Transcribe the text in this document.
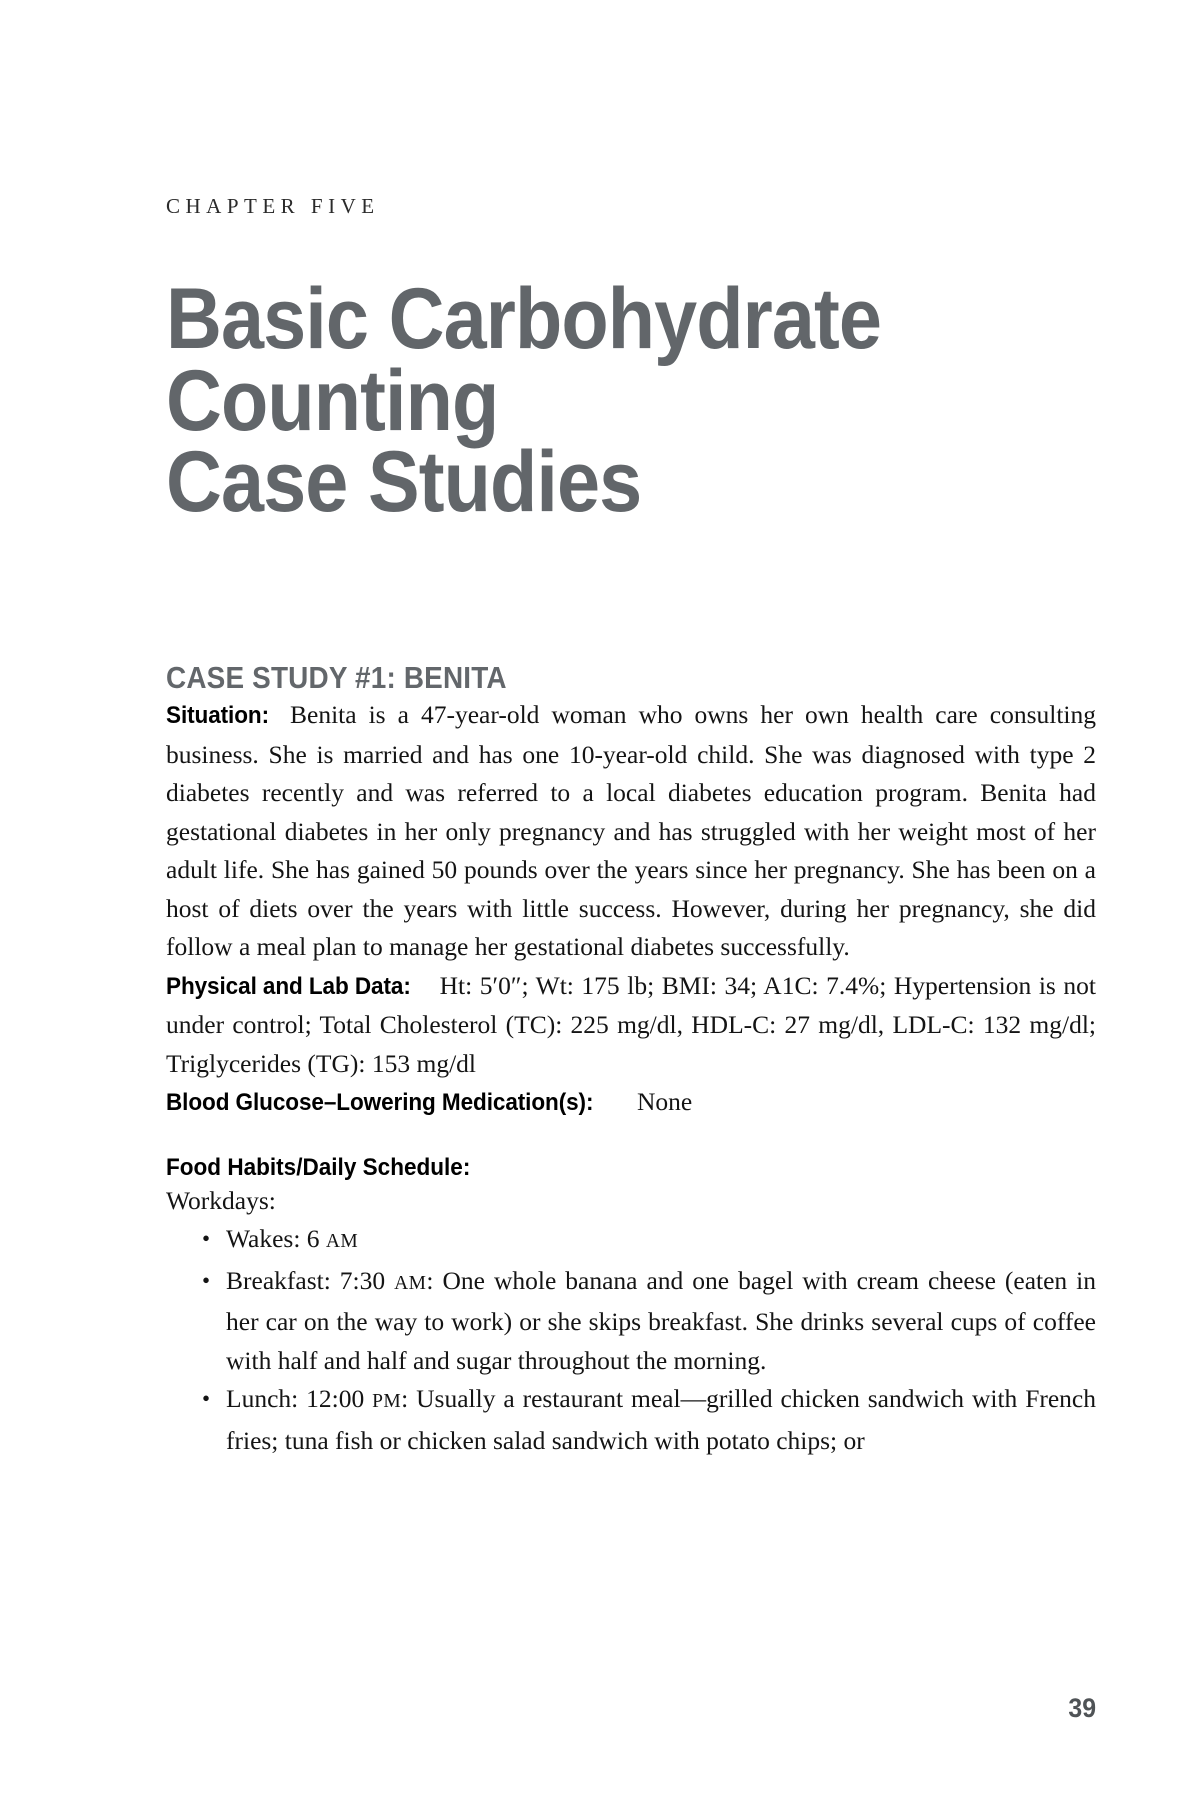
CHAPTER FIVE
Basic Carbohydrate
Counting
Case Studies
CASE STUDY #1: BENITA

Situation: Benita is a 47-year-old woman who owns her own health care consulting business. She is married and has one 10-year-old child. She was diagnosed with type 2 diabetes recently and was referred to a local diabetes education program. Benita had gestational diabetes in her only pregnancy and has struggled with her weight most of her adult life. She has gained 50 pounds over the years since her pregnancy. She has been on a host of diets over the years with little success. However, during her pregnancy, she did follow a meal plan to manage her gestational diabetes successfully.

Physical and Lab Data: Ht: 5′0″; Wt: 175 lb; BMI: 34; A1C: 7.4%; Hypertension is not under control; Total Cholesterol (TC): 225 mg/dl, HDL-C: 27 mg/dl, LDL-C: 132 mg/dl; Triglycerides (TG): 153 mg/dl

Blood Glucose–Lowering Medication(s): None

Food Habits/Daily Schedule:
Workdays:
• Wakes: 6 AM
• Breakfast: 7:30 AM: One whole banana and one bagel with cream cheese (eaten in her car on the way to work) or she skips breakfast. She drinks several cups of coffee with half and half and sugar throughout the morning.
• Lunch: 12:00 PM: Usually a restaurant meal—grilled chicken sandwich with French fries; tuna fish or chicken salad sandwich with potato chips; or
39
